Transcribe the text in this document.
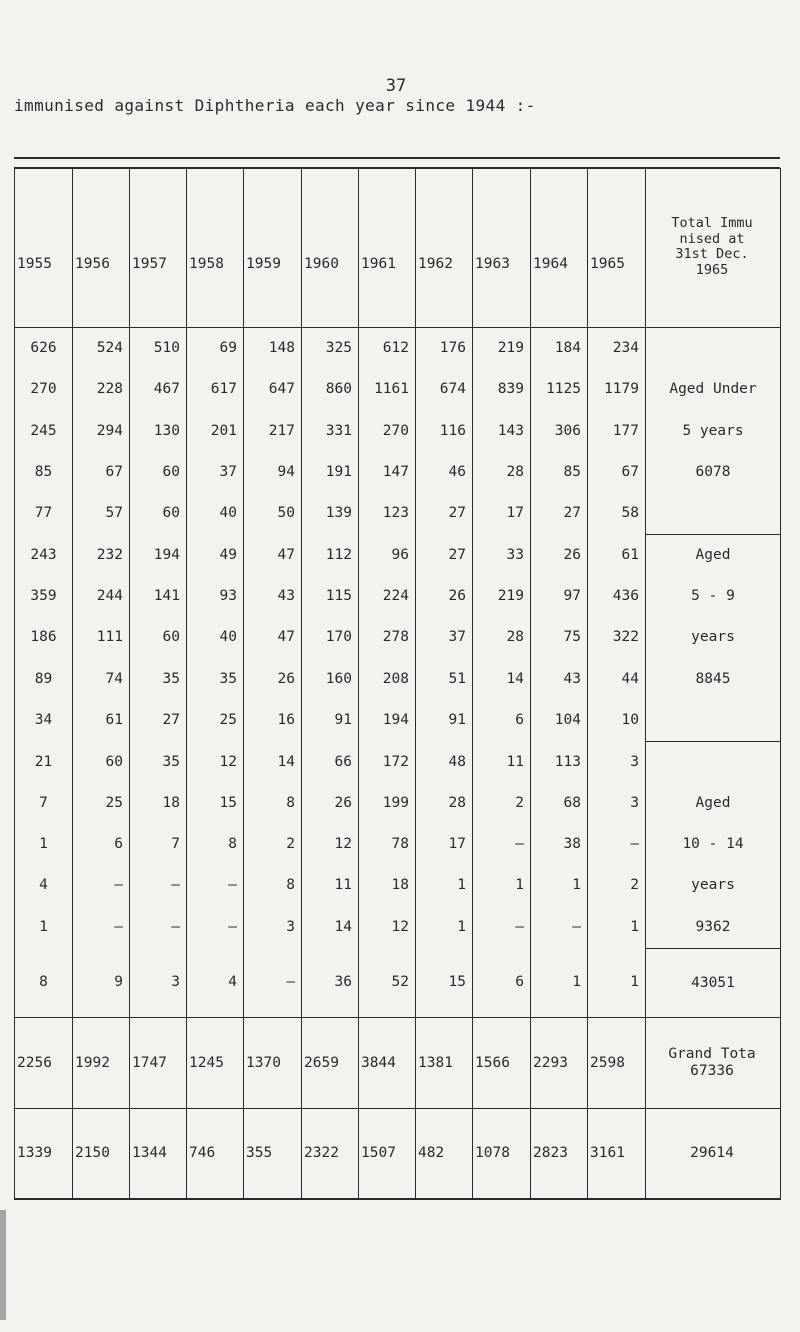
37
immunised against Diphtheria each year since 1944 :-
1955	1956	1957	1958	1959	1960	1961	1962	1963	1964	1965	Total Immu
nised at
31st Dec.
1965

626	524	510	69	148	325	612	176	219	184	234	
270	228	467	617	647	860	1161	674	839	1125	1179	Aged Under
245	294	130	201	217	331	270	116	143	306	177	5 years
85	67	60	37	94	191	147	46	28	85	67	6078
77	57	60	40	50	139	123	27	17	27	58	
243	232	194	49	47	112	96	27	33	26	61	Aged
359	244	141	93	43	115	224	26	219	97	436	5 - 9
186	111	60	40	47	170	278	37	28	75	322	years
89	74	35	35	26	160	208	51	14	43	44	8845
34	61	27	25	16	91	194	91	6	104	10	
21	60	35	12	14	66	172	48	11	113	3	
7	25	18	15	8	26	199	28	2	68	3	Aged
1	6	7	8	2	12	78	17	–	38	–	10 - 14
4	–	–	–	8	11	18	1	1	1	2	years
1	–	–	–	3	14	12	1	–	–	1	9362
8	9	3	4	–	36	52	15	6	1	1	43051
2256	1992	1747	1245	1370	2659	3844	1381	1566	2293	2598	Grand Tota
67336

1339	2150	1344	746	355	2322	1507	482	1078	2823	3161	29614
